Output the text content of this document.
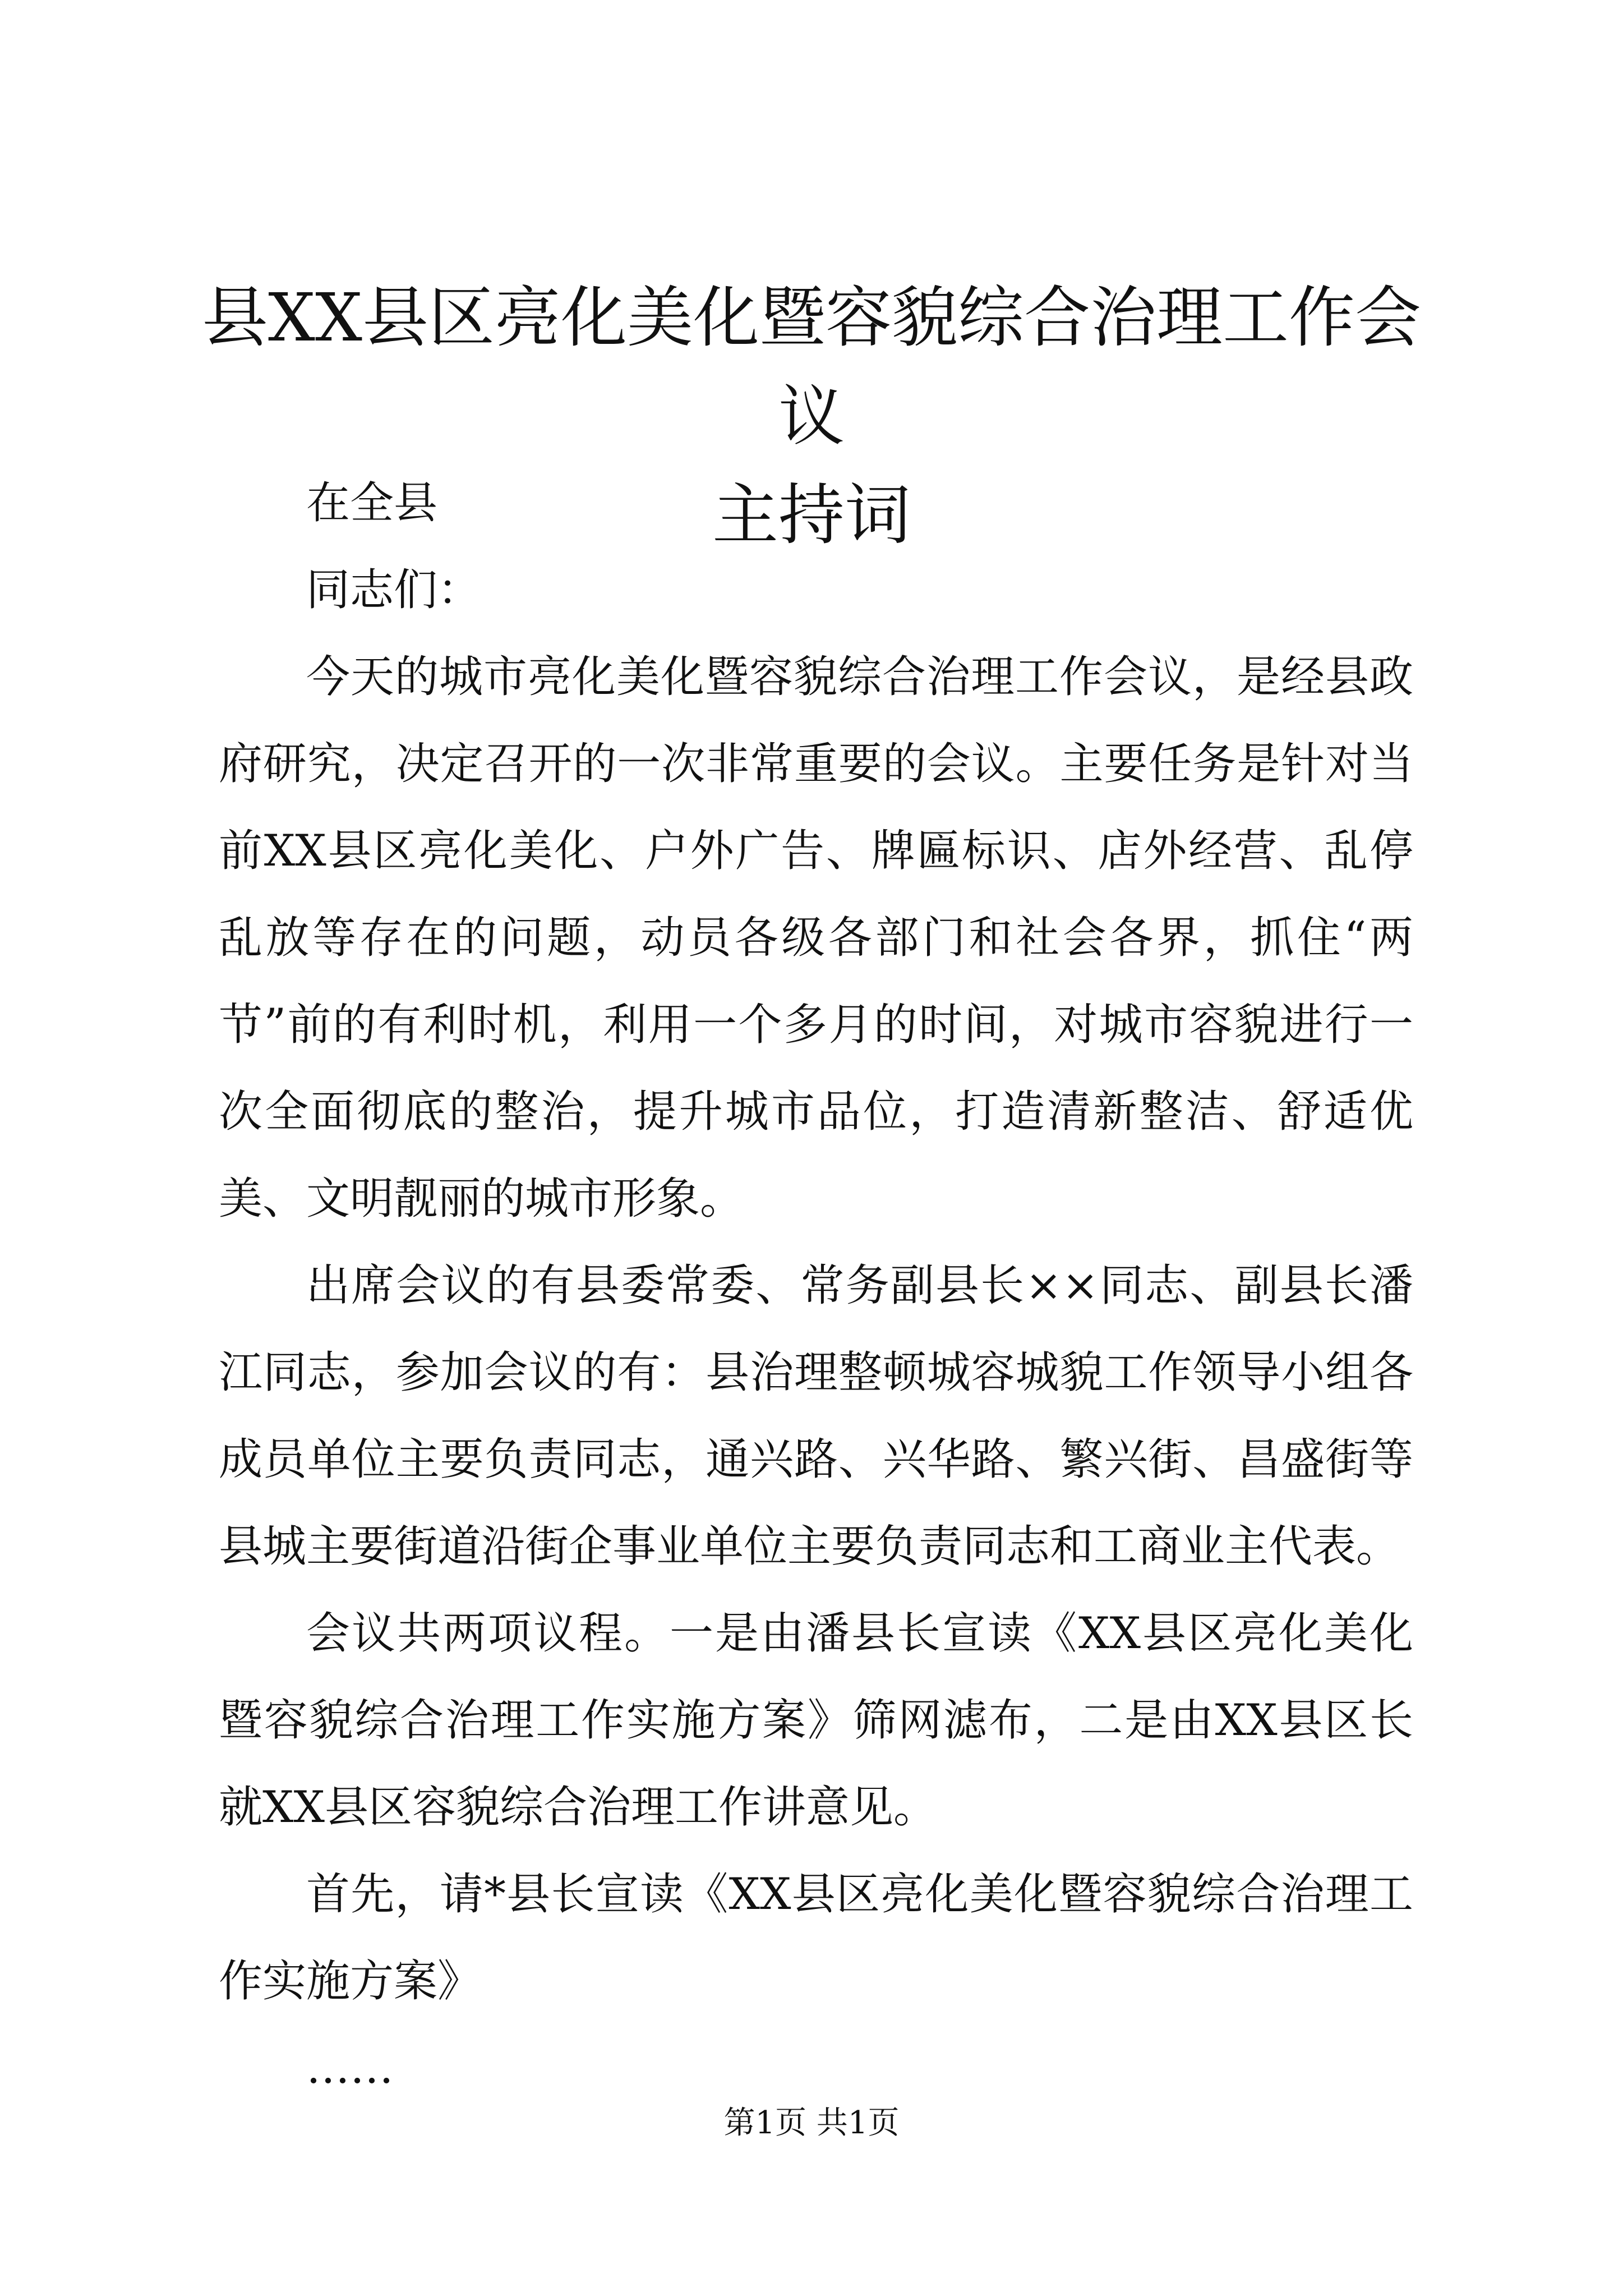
县XX县区亮化美化暨容貌综合治理工作会议
主持词

在全县

同志们：

今天的城市亮化美化暨容貌综合治理工作会议，是经县政府研究，决定召开的一次非常重要的会议。主要任务是针对当前XX县区亮化美化、户外广告、牌匾标识、店外经营、乱停乱放等存在的问题，动员各级各部门和社会各界，抓住“两节”前的有利时机，利用一个多月的时间，对城市容貌进行一次全面彻底的整治，提升城市品位，打造清新整洁、舒适优美、文明靓丽的城市形象。

出席会议的有县委常委、常务副县长××同志、副县长潘江同志，参加会议的有：县治理整顿城容城貌工作领导小组各成员单位主要负责同志，通兴路、兴华路、繁兴街、昌盛街等县城主要街道沿街企事业单位主要负责同志和工商业主代表。

会议共两项议程。一是由潘县长宣读《XX县区亮化美化暨容貌综合治理工作实施方案》筛网滤布，二是由XX县区长就XX县区容貌综合治理工作讲意见。

首先，请*县长宣读《XX县区亮化美化暨容貌综合治理工作实施方案》

……

第1页 共1页
